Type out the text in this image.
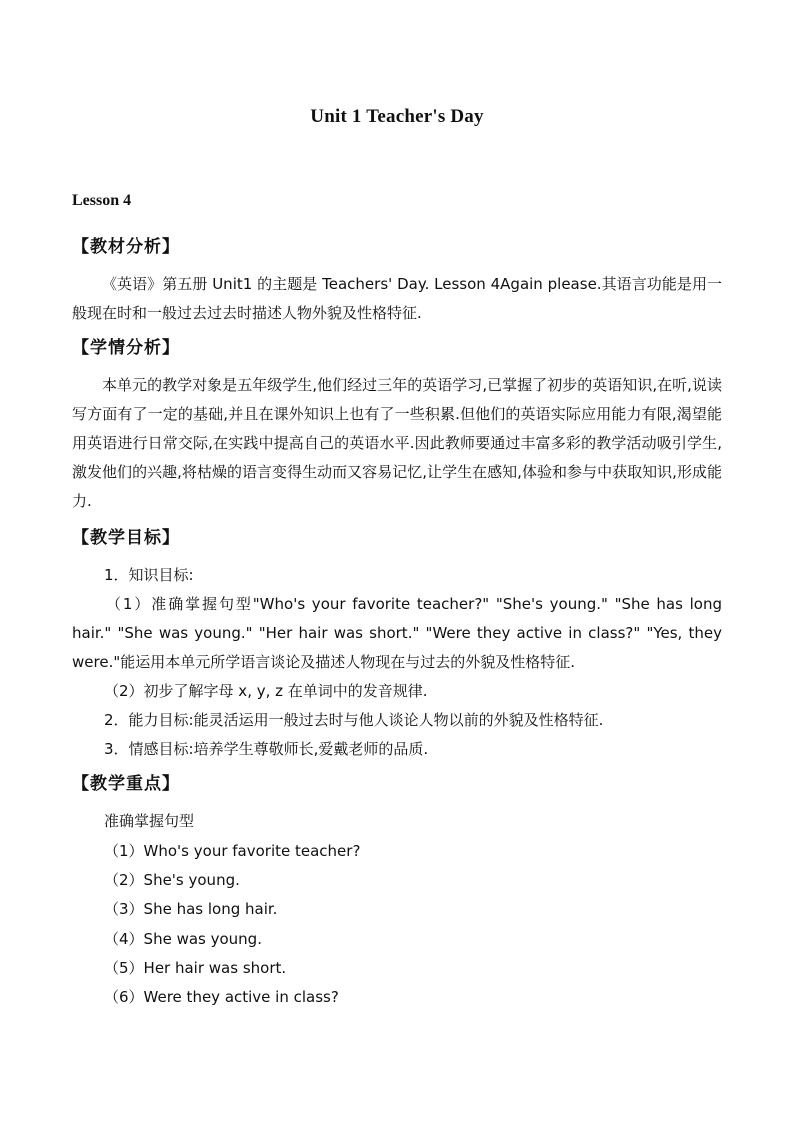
Unit 1 Teacher's Day
Lesson 4
【教材分析】
《英语》第五册 Unit1 的主题是 Teachers' Day. Lesson 4Again please.其语言功能是用一般现在时和一般过去过去时描述人物外貌及性格特征.
【学情分析】
本单元的教学对象是五年级学生,他们经过三年的英语学习,已掌握了初步的英语知识,在听,说读写方面有了一定的基础,并且在课外知识上也有了一些积累.但他们的英语实际应用能力有限,渴望能用英语进行日常交际,在实践中提高自己的英语水平.因此教师要通过丰富多彩的教学活动吸引学生,激发他们的兴趣,将枯燥的语言变得生动而又容易记忆,让学生在感知,体验和参与中获取知识,形成能力.
【教学目标】
1．知识目标:
（1）准确掌握句型"Who's your favorite teacher?" "She's young." "She has long hair." "She was young." "Her hair was short." "Were they active in class?" "Yes, they were."能运用本单元所学语言谈论及描述人物现在与过去的外貌及性格特征.
（2）初步了解字母 x, y, z 在单词中的发音规律.
2．能力目标:能灵活运用一般过去时与他人谈论人物以前的外貌及性格特征.
3．情感目标:培养学生尊敬师长,爱戴老师的品质.
【教学重点】
准确掌握句型
（1）Who's your favorite teacher?
（2）She's young.
（3）She has long hair.
（4）She was young.
（5）Her hair was short.
（6）Were they active in class?
